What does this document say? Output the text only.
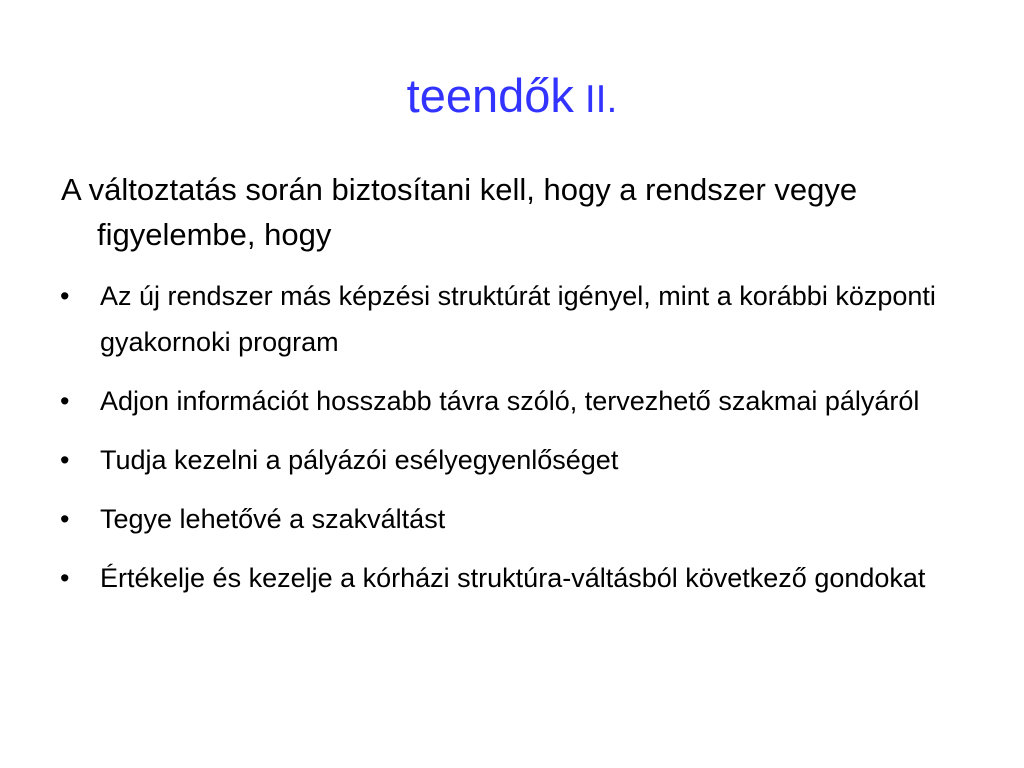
teendők II.
A változtatás során biztosítani kell, hogy a rendszer vegye figyelembe, hogy
•	Az új rendszer más képzési struktúrát igényel, mint a korábbi központi gyakornoki program
•	Adjon információt hosszabb távra szóló, tervezhető szakmai pályáról
•	Tudja kezelni a pályázói esélyegyenlőséget
•	Tegye lehetővé a szakváltást
•	Értékelje és kezelje a kórházi struktúra-váltásból következő gondokat
